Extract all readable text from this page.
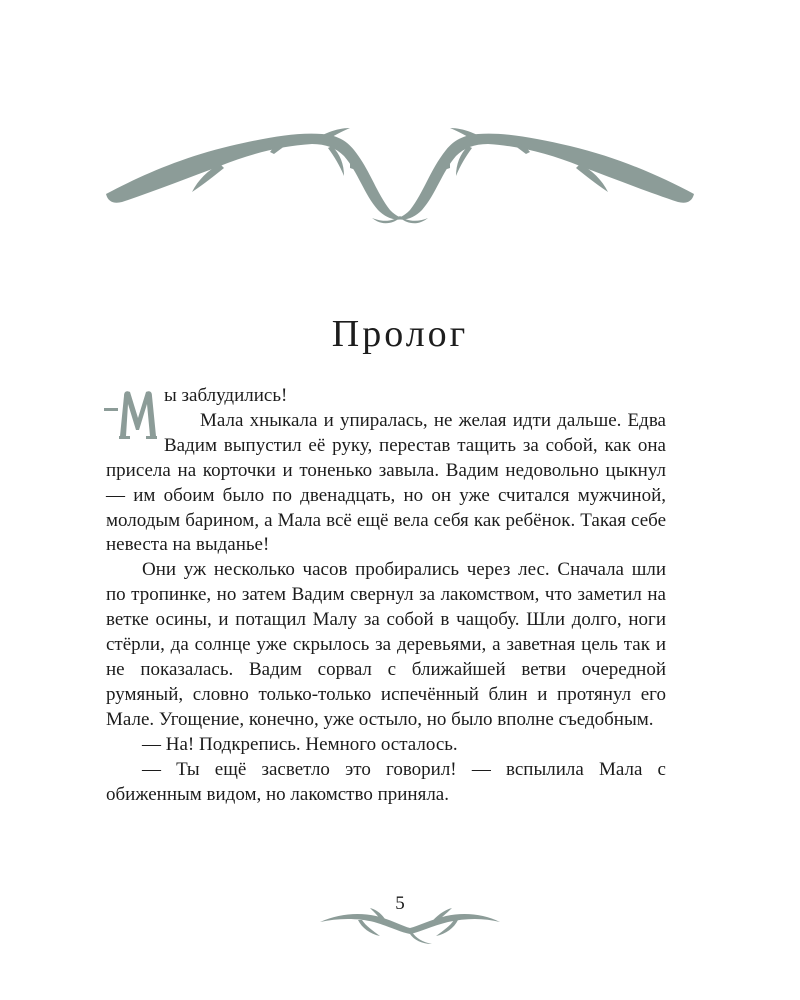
Пролог

ы заблудились!

Мала хныкала и упиралась, не желая идти дальше. Едва Вадим выпустил её руку, перестав тащить за собой, как она присела на корточки и тоненько завыла. Вадим недовольно цыкнул — им обоим было по двенадцать, но он уже считался мужчиной, молодым барином, а Мала всё ещё вела себя как ребёнок. Такая себе невеста на выданье!

Они уж несколько часов пробирались через лес. Сначала шли по тропинке, но затем Вадим свернул за лакомством, что заметил на ветке осины, и потащил Малу за собой в чащобу. Шли долго, ноги стёрли, да солнце уже скрылось за деревьями, а заветная цель так и не показалась. Вадим сорвал с ближайшей ветви очередной румяный, словно только-только испечённый блин и протянул его Мале. Угощение, конечно, уже остыло, но было вполне съедобным.

— На! Подкрепись. Немного осталось.

— Ты ещё засветло это говорил! — вспылила Мала с обиженным видом, но лакомство приняла.

5
